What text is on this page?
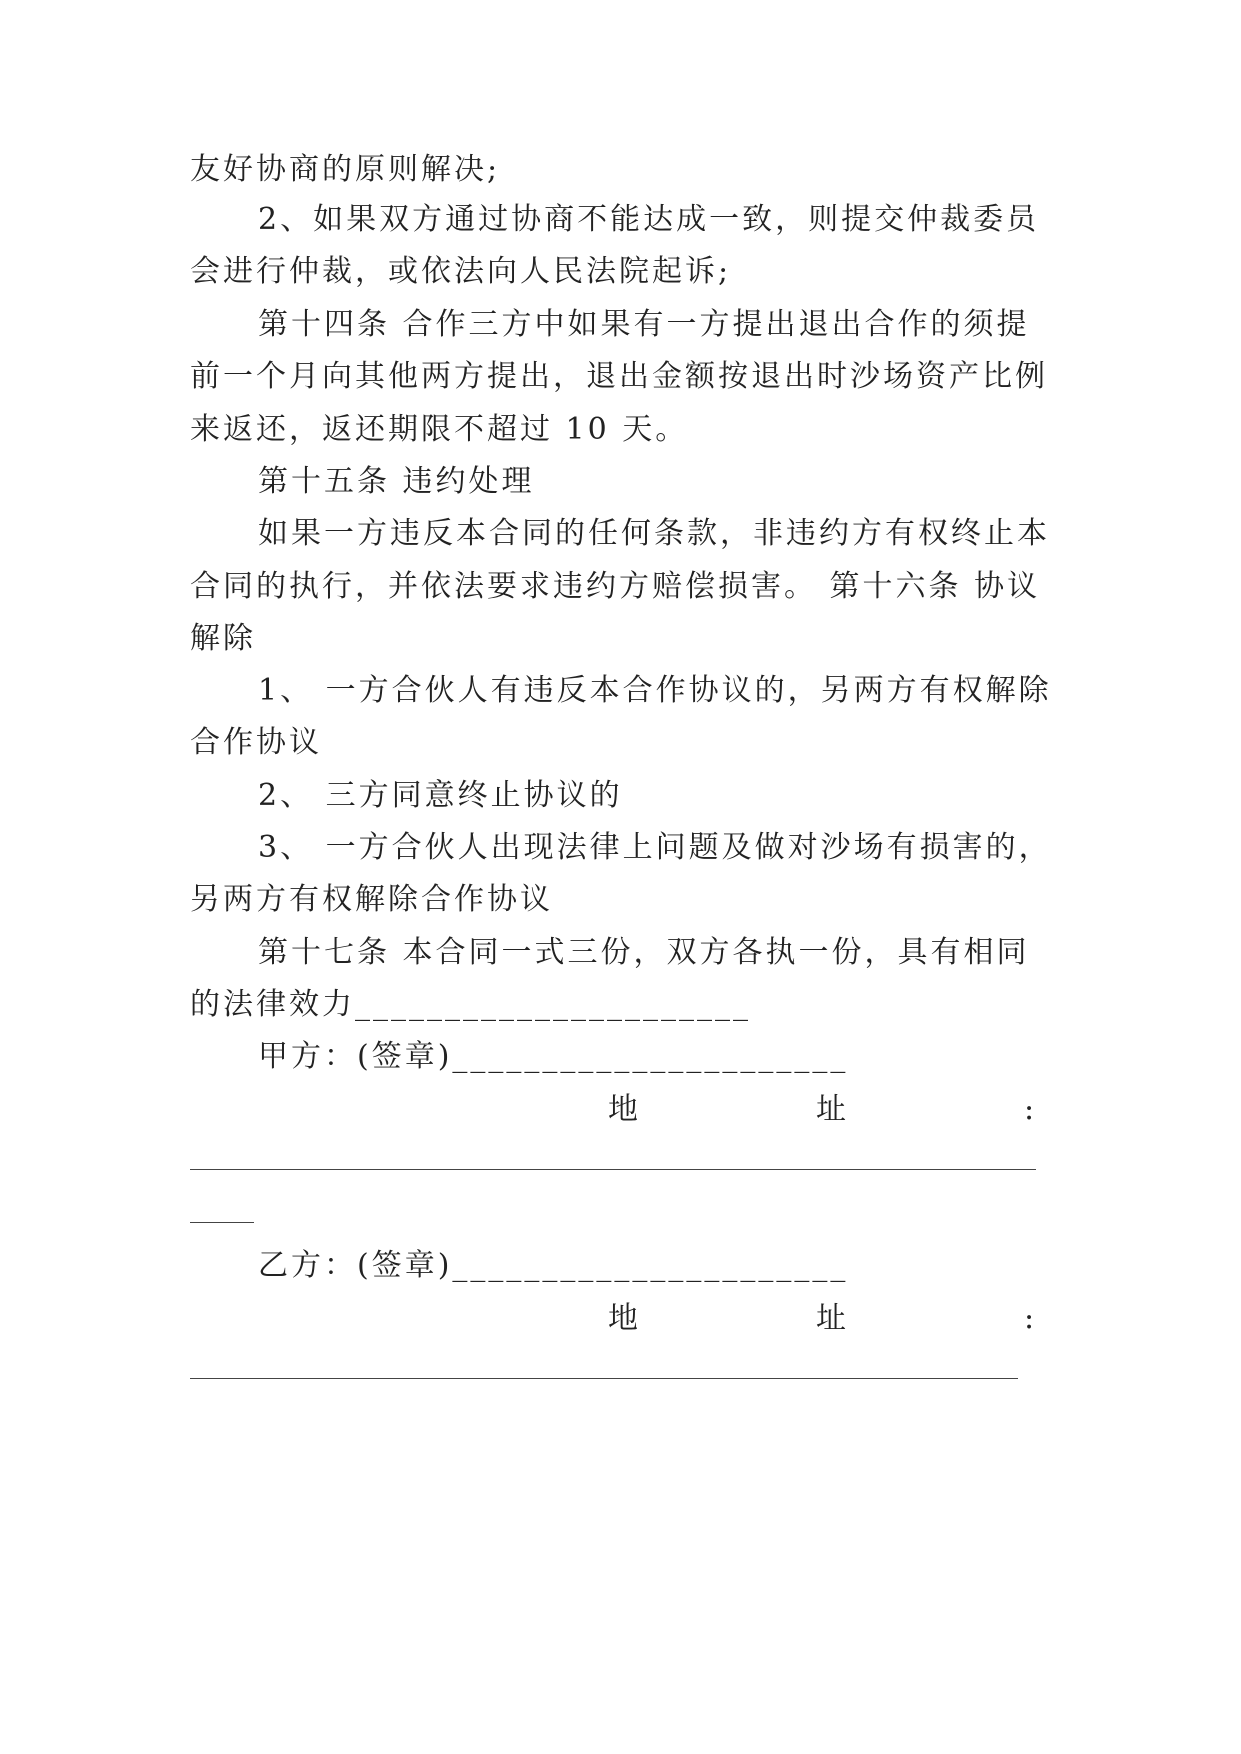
友好协商的原则解决;
2、如果双方通过协商不能达成一致，则提交仲裁委员
会进行仲裁，或依法向人民法院起诉;
第十四条 合作三方中如果有一方提出退出合作的须提
前一个月向其他两方提出，退出金额按退出时沙场资产比例
来返还，返还期限不超过 10 天。
第十五条 违约处理
如果一方违反本合同的任何条款，非违约方有权终止本
合同的执行，并依法要求违约方赔偿损害。 第十六条 协议
解除
1、 一方合伙人有违反本合作协议的，另两方有权解除
合作协议
2、 三方同意终止协议的
3、 一方合伙人出现法律上问题及做对沙场有损害的，
另两方有权解除合作协议
第十七条 本合同一式三份，双方各执一份，具有相同
的法律效力______________________
甲方：(签章)______________________
地	址	:
乙方：(签章)______________________
地	址	:
